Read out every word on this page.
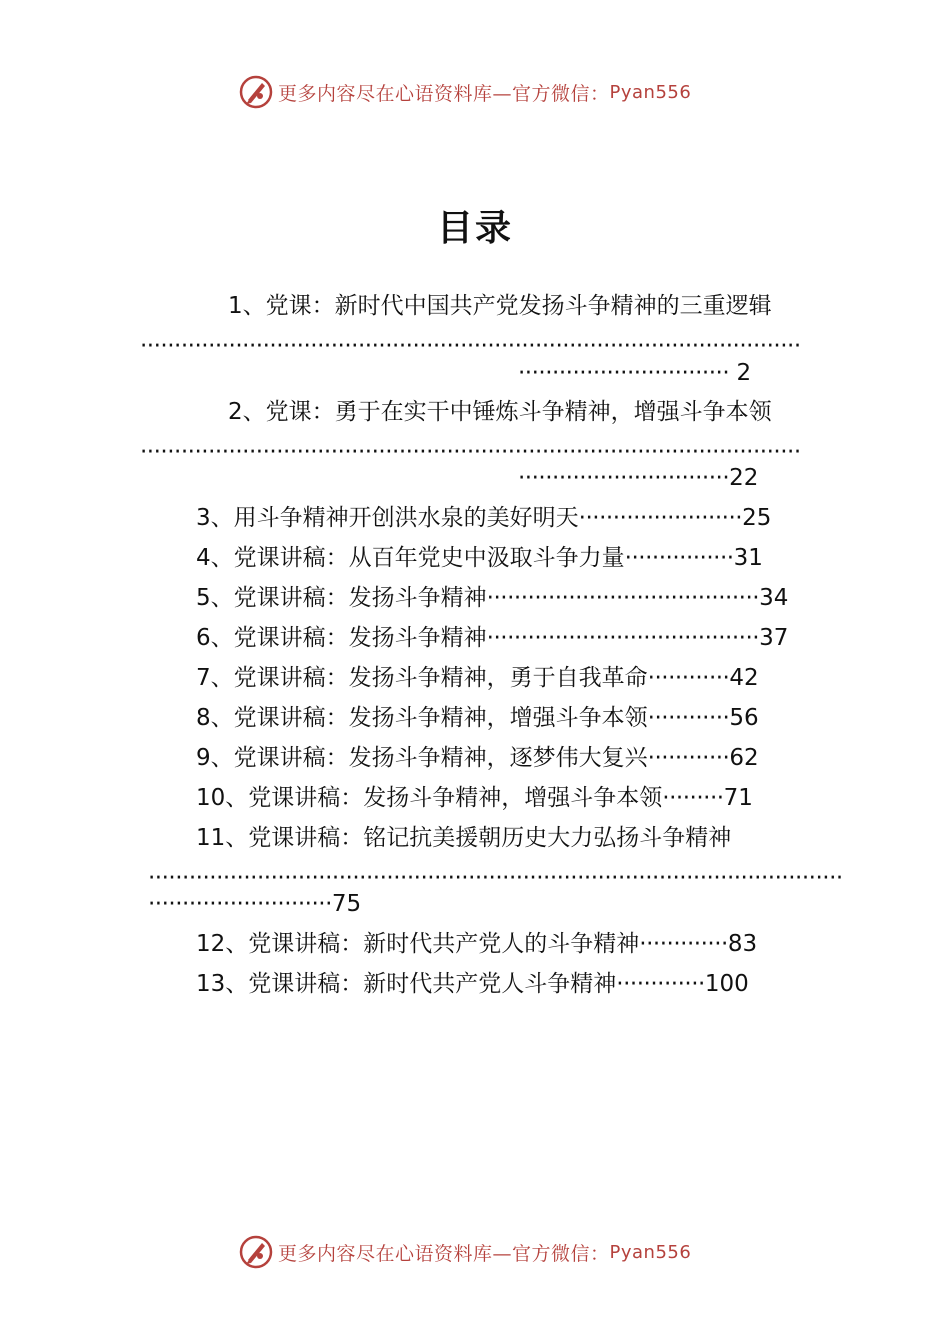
更多内容尽在心语资料库—官方微信： Pyan556
目录
1、党课：新时代中国共产党发扬斗争精神的三重逻辑
·································································································
······························· 2
2、党课：勇于在实干中锤炼斗争精神，增强斗争本领
·································································································
·······························22
3、用斗争精神开创洪水泉的美好明天························25
4、党课讲稿：从百年党史中汲取斗争力量················31
5、党课讲稿：发扬斗争精神········································34
6、党课讲稿：发扬斗争精神········································37
7、党课讲稿：发扬斗争精神，勇于自我革命············42
8、党课讲稿：发扬斗争精神，增强斗争本领············56
9、党课讲稿：发扬斗争精神，逐梦伟大复兴············62
10、党课讲稿：发扬斗争精神，增强斗争本领·········71
11、党课讲稿：铭记抗美援朝历史大力弘扬斗争精神
······································································································
···························75
12、党课讲稿：新时代共产党人的斗争精神·············83
13、党课讲稿：新时代共产党人斗争精神·············100
更多内容尽在心语资料库—官方微信： Pyan556
